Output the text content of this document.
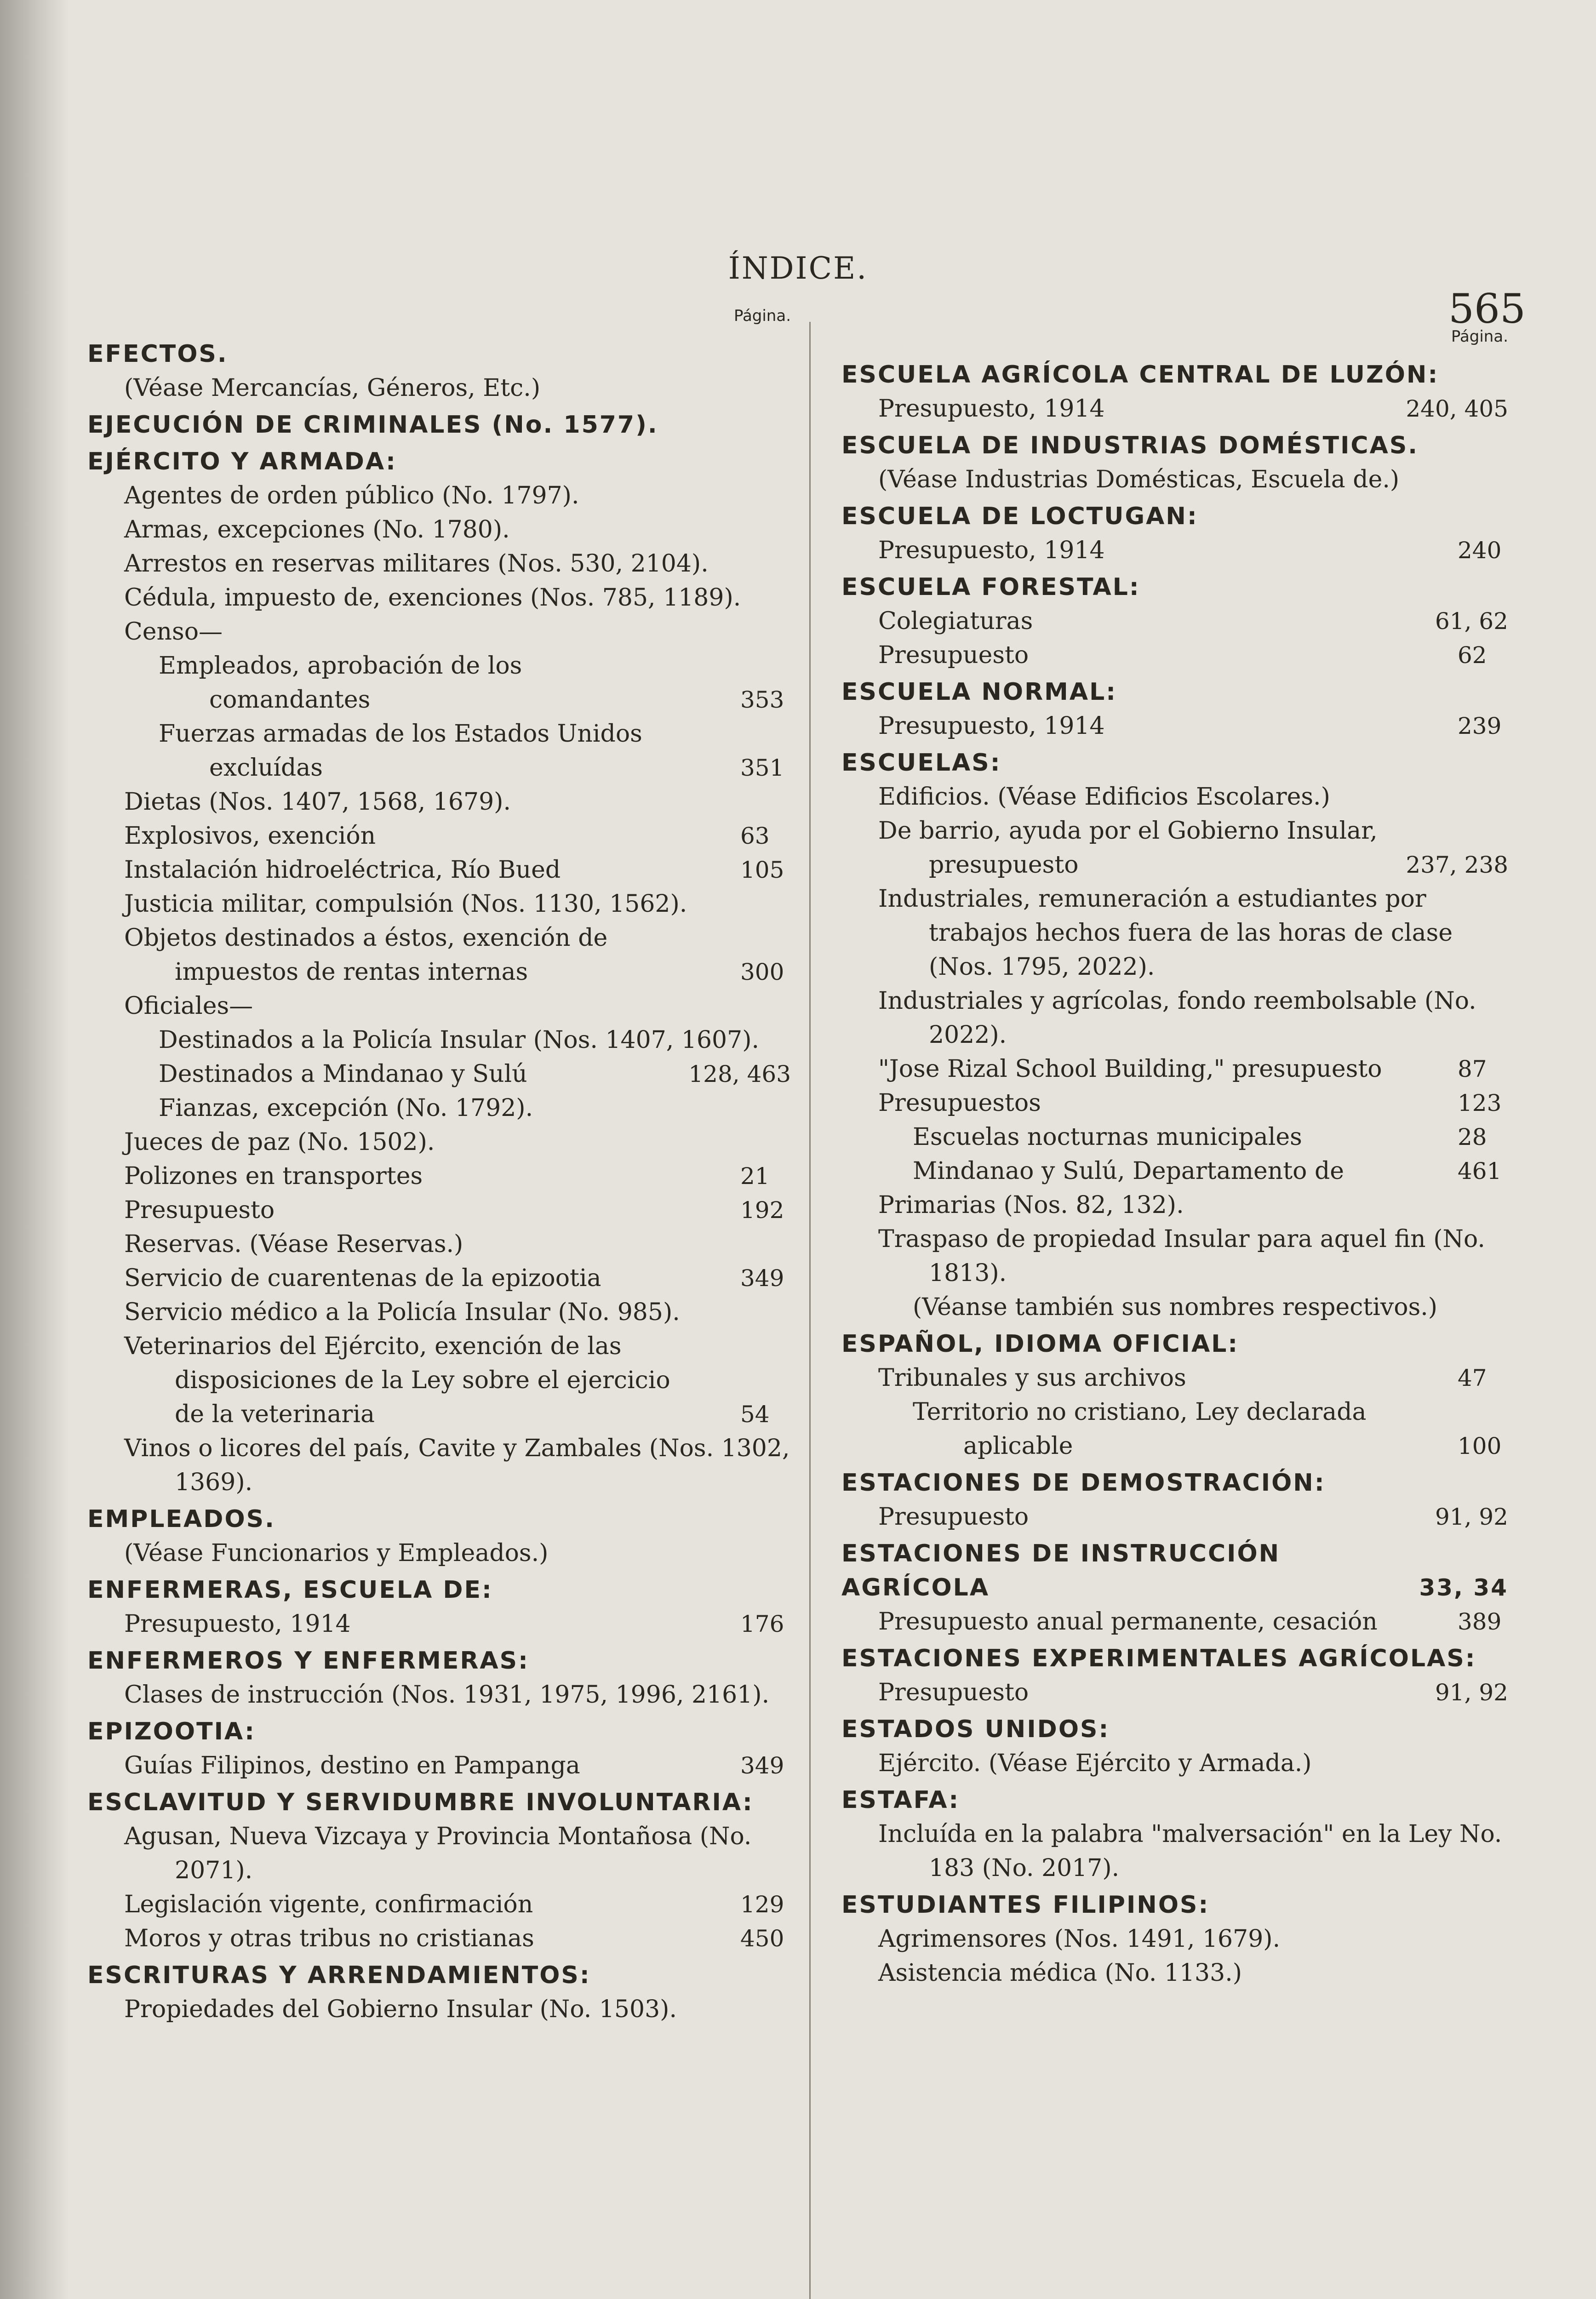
ÍNDICE.
565
Página.
EFECTOS.
(Véase Mercancías, Géneros, Etc.)
EJECUCIÓN DE CRIMINALES (No. 1577).
EJÉRCITO Y ARMADA:
Agentes de orden público (No. 1797).
Armas, excepciones (No. 1780).
Arrestos en reservas militares (Nos. 530, 2104).
Cédula, impuesto de, exenciones (Nos. 785, 1189).
Censo—
Empleados, aprobación de los comandantes	353
Fuerzas armadas de los Estados Unidos excluídas	351
Dietas (Nos. 1407, 1568, 1679).
Explosivos, exención	63
Instalación hidroeléctrica, Río Bued	105
Justicia militar, compulsión (Nos. 1130, 1562).
Objetos destinados a éstos, exención de impuestos de rentas internas	300
Oficiales—
Destinados a la Policía Insular (Nos. 1407, 1607).
Destinados a Mindanao y Sulú	128, 463
Fianzas, excepción (No. 1792).
Jueces de paz (No. 1502).
Polizones en transportes	21
Presupuesto	192
Reservas. (Véase Reservas.)
Servicio de cuarentenas de la epizootia	349
Servicio médico a la Policía Insular (No. 985).
Veterinarios del Ejército, exención de las disposiciones de la Ley sobre el ejercicio de la veterinaria	54
Vinos o licores del país, Cavite y Zambales (Nos. 1302, 1369).
EMPLEADOS.
(Véase Funcionarios y Empleados.)
ENFERMERAS, ESCUELA DE:
Presupuesto, 1914	176
ENFERMEROS Y ENFERMERAS:
Clases de instrucción (Nos. 1931, 1975, 1996, 2161).
EPIZOOTIA:
Guías Filipinos, destino en Pampanga	349
ESCLAVITUD Y SERVIDUMBRE INVOLUNTARIA:
Agusan, Nueva Vizcaya y Provincia Montañosa (No. 2071).
Legislación vigente, confirmación	129
Moros y otras tribus no cristianas	450
ESCRITURAS Y ARRENDAMIENTOS:
Propiedades del Gobierno Insular (No. 1503).
Página.
ESCUELA AGRÍCOLA CENTRAL DE LUZÓN:
Presupuesto, 1914	240, 405
ESCUELA DE INDUSTRIAS DOMÉSTICAS.
(Véase Industrias Domésticas, Escuela de.)
ESCUELA DE LOCTUGAN:
Presupuesto, 1914	240
ESCUELA FORESTAL:
Colegiaturas	61, 62
Presupuesto	62
ESCUELA NORMAL:
Presupuesto, 1914	239
ESCUELAS:
Edificios. (Véase Edificios Escolares.)
De barrio, ayuda por el Gobierno Insular, presupuesto	237, 238
Industriales, remuneración a estudiantes por trabajos hechos fuera de las horas de clase (Nos. 1795, 2022).
Industriales y agrícolas, fondo reembolsable (No. 2022).
"Jose Rizal School Building," presupuesto	87
Presupuestos	123
Escuelas nocturnas municipales	28
Mindanao y Sulú, Departamento de	461
Primarias (Nos. 82, 132).
Traspaso de propiedad Insular para aquel fin (No. 1813).
(Véanse también sus nombres respectivos.)
ESPAÑOL, IDIOMA OFICIAL:
Tribunales y sus archivos	47
Territorio no cristiano, Ley declarada aplicable	100
ESTACIONES DE DEMOSTRACIÓN:
Presupuesto	91, 92
ESTACIONES DE INSTRUCCIÓN AGRÍCOLA	33, 34
Presupuesto anual permanente, cesación	389
ESTACIONES EXPERIMENTALES AGRÍCOLAS:
Presupuesto	91, 92
ESTADOS UNIDOS:
Ejército. (Véase Ejército y Armada.)
ESTAFA:
Incluída en la palabra "malversación" en la Ley No. 183 (No. 2017).
ESTUDIANTES FILIPINOS:
Agrimensores (Nos. 1491, 1679).
Asistencia médica (No. 1133.)
